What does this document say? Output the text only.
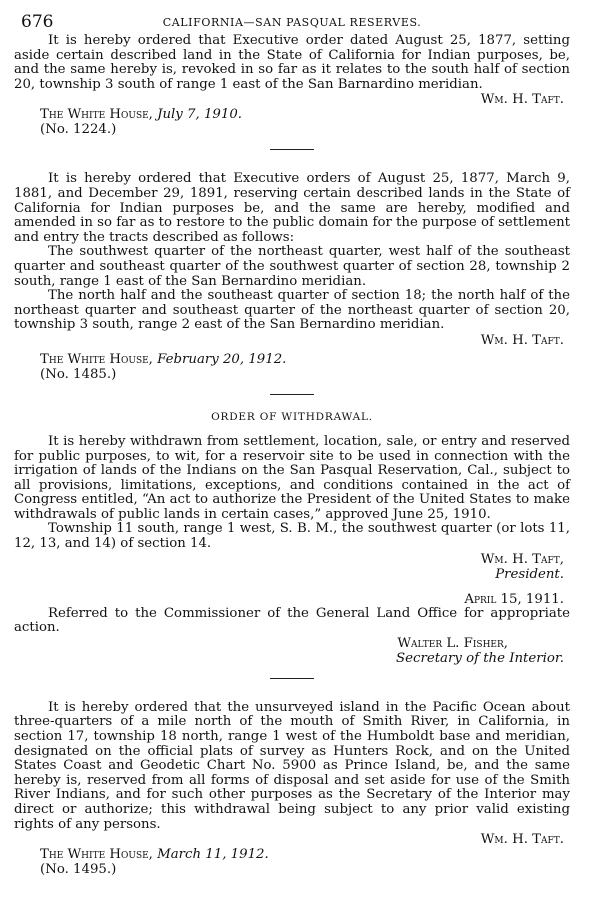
676	CALIFORNIA—SAN PASQUAL RESERVES.

It is hereby ordered that Executive order dated August 25, 1877, setting aside certain described land in the State of California for Indian purposes, be, and the same hereby is, revoked in so far as it relates to the south half of section 20, township 3 south of range 1 east of the San Barnardino meridian.

Wm. H. Taft.
The White House, July 7, 1910.
(No. 1224.)

It is hereby ordered that Executive orders of August 25, 1877, March 9, 1881, and December 29, 1891, reserving certain described lands in the State of California for Indian purposes be, and the same are hereby, modified and amended in so far as to restore to the public domain for the purpose of settlement and entry the tracts described as follows:

The southwest quarter of the northeast quarter, west half of the southeast quarter and southeast quarter of the southwest quarter of section 28, township 2 south, range 1 east of the San Bernardino meridian.

The north half and the southeast quarter of section 18; the north half of the northeast quarter and southeast quarter of the northeast quarter of section 20, township 3 south, range 2 east of the San Bernardino meridian.

Wm. H. Taft.
The White House, February 20, 1912.
(No. 1485.)
ORDER OF WITHDRAWAL.

It is hereby withdrawn from settlement, location, sale, or entry and reserved for public purposes, to wit, for a reservoir site to be used in connection with the irrigation of lands of the Indians on the San Pasqual Reservation, Cal., subject to all provisions, limitations, exceptions, and conditions contained in the act of Congress entitled, “An act to authorize the President of the United States to make withdrawals of public lands in certain cases,” approved June 25, 1910.

Township 11 south, range 1 west, S. B. M., the southwest quarter (or lots 11, 12, 13, and 14) of section 14.

Wm. H. Taft,
President.
April 15, 1911.

Referred to the Commissioner of the General Land Office for appropriate action.

Walter L. Fisher,
Secretary of the Interior.

It is hereby ordered that the unsurveyed island in the Pacific Ocean about three-quarters of a mile north of the mouth of Smith River, in California, in section 17, township 18 north, range 1 west of the Humboldt base and meridian, designated on the official plats of survey as Hunters Rock, and on the United States Coast and Geodetic Chart No. 5900 as Prince Island, be, and the same hereby is, reserved from all forms of disposal and set aside for use of the Smith River Indians, and for such other purposes as the Secretary of the Interior may direct or authorize; this withdrawal being subject to any prior valid existing rights of any persons.

Wm. H. Taft.
The White House, March 11, 1912.
(No. 1495.)
